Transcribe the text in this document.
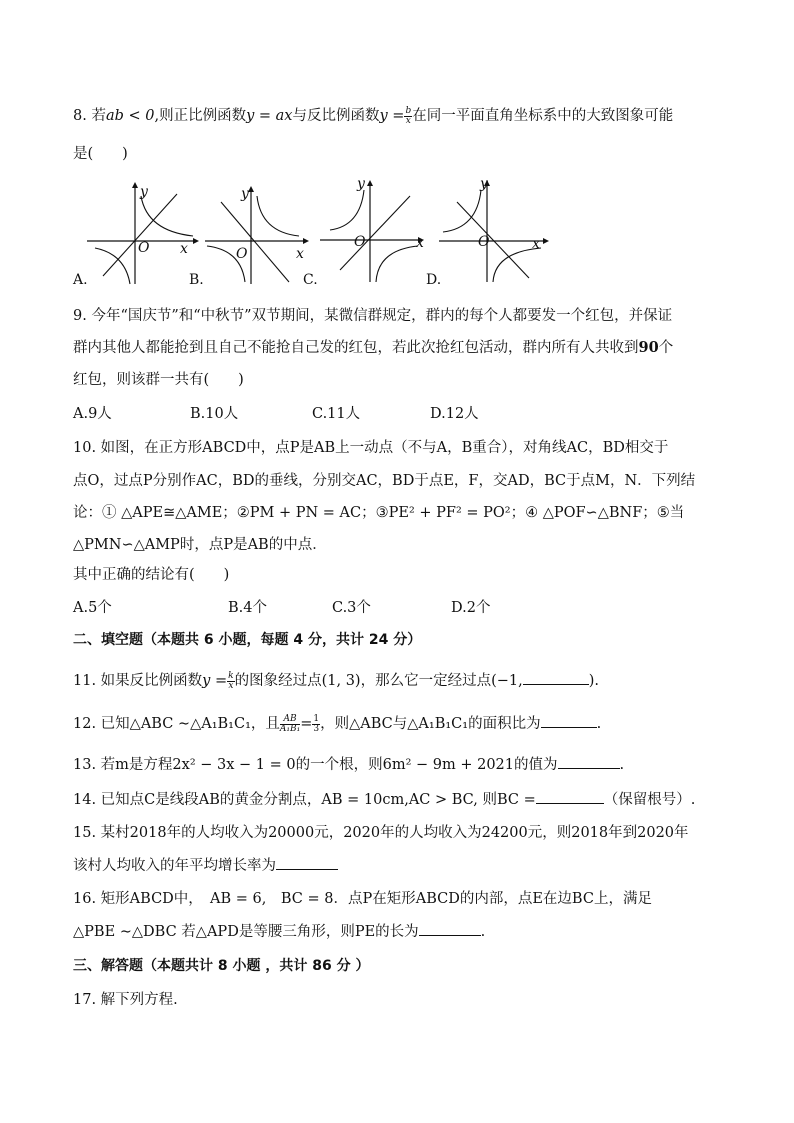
8. 若ab < 0,则正比例函数y = ax与反比例函数$y = \frac{b}{x}$ 在同一平面直角坐标系中的大致图象可能
是(　　)
y
x
O
A.
y
x
O
B.
y
x
O
C.
y
x
O
D.
9. 今年“国庆节”和“中秋节”双节期间，某微信群规定，群内的每个人都要发一个红包，并保证
群内其他人都能抢到且自己不能抢自己发的红包，若此次抢红包活动，群内所有人共收到90个
红包，则该群一共有(　　)
A.9人	B.10人	C.11人	D.12人
10. 如图，在正方形ABCD中，点P是AB上一动点（不与A，B重合），对角线AC，BD相交于
点O，过点P分别作AC，BD的垂线，分别交AC，BD于点E，F，交AD，BC于点M，N．下列结
论：① △APE≅△AME；②PM + PN = AC；③PE² + PF² = PO²；④ △POF∽△BNF；⑤当
△PMN∽△AMP时，点P是AB的中点．
其中正确的结论有(　　)
A.5个	B.4个	C.3个	D.2个
二、填空题（本题共 6 小题，每题 4 分，共计 24 分）
11. 如果反比例函数$y = \frac{k}{x}$ 的图象经过点(1, 3)，那么它一定经过点(−1,	).
12. 已知△ABC ∼△A₁B₁C₁，且 $\frac{AB}{\text{A₁B₁}} = \frac{1}{3}$ ，则△ABC与△A₁B₁C₁的面积比为	.
13. 若m是方程2x² − 3x − 1 = 0的一个根，则6m² − 9m + 2021的值为	.
14. 已知点C是线段AB的黄金分割点，AB = 10cm,AC > BC, 则BC =	（保留根号）.
15. 某村2018年的人均收入为20000元，2020年的人均收入为24200元，则2018年到2020年
该村人均收入的年平均增长率为
16. 矩形ABCD中，　AB = 6,　BC = 8．点P在矩形ABCD的内部，点E在边BC上，满足
△PBE ∼△DBC 若△APD是等腰三角形，则PE的长为	.
三、解答题（本题共计 8 小题 ，共计 86 分 ）
17. 解下列方程.
